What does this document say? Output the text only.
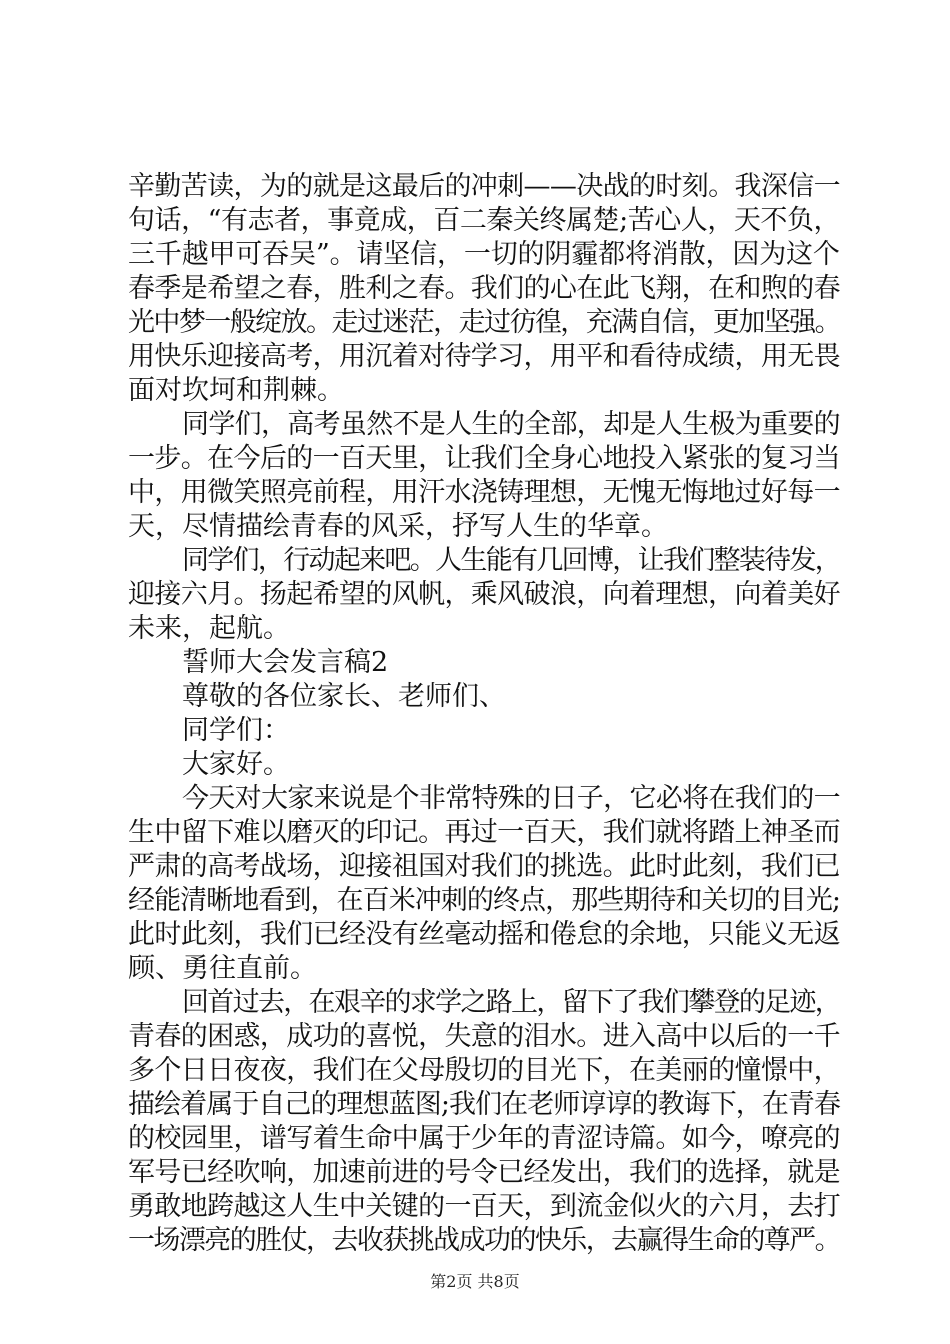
辛勤苦读，为的就是这最后的冲刺——决战的时刻。我深信一
句话，“有志者，事竟成，百二秦关终属楚;苦心人，天不负，
三千越甲可吞吴”。请坚信，一切的阴霾都将消散，因为这个
春季是希望之春，胜利之春。我们的心在此飞翔，在和煦的春
光中梦一般绽放。走过迷茫，走过彷徨，充满自信，更加坚强。
用快乐迎接高考，用沉着对待学习，用平和看待成绩，用无畏
面对坎坷和荆棘。
同学们，高考虽然不是人生的全部，却是人生极为重要的
一步。在今后的一百天里，让我们全身心地投入紧张的复习当
中，用微笑照亮前程，用汗水浇铸理想，无愧无悔地过好每一
天，尽情描绘青春的风采，抒写人生的华章。
同学们，行动起来吧。人生能有几回博，让我们整装待发，
迎接六月。扬起希望的风帆，乘风破浪，向着理想，向着美好
未来，起航。
誓师大会发言稿2
尊敬的各位家长、老师们、
同学们：
大家好。
今天对大家来说是个非常特殊的日子，它必将在我们的一
生中留下难以磨灭的印记。再过一百天，我们就将踏上神圣而
严肃的高考战场，迎接祖国对我们的挑选。此时此刻，我们已
经能清晰地看到，在百米冲刺的终点，那些期待和关切的目光;
此时此刻，我们已经没有丝毫动摇和倦怠的余地，只能义无返
顾、勇往直前。
回首过去，在艰辛的求学之路上，留下了我们攀登的足迹，
青春的困惑，成功的喜悦，失意的泪水。进入高中以后的一千
多个日日夜夜，我们在父母殷切的目光下，在美丽的憧憬中，
描绘着属于自己的理想蓝图;我们在老师谆谆的教诲下，在青春
的校园里，谱写着生命中属于少年的青涩诗篇。如今，嘹亮的
军号已经吹响，加速前进的号令已经发出，我们的选择，就是
勇敢地跨越这人生中关键的一百天，到流金似火的六月，去打
一场漂亮的胜仗，去收获挑战成功的快乐，去赢得生命的尊严。
第2页 共8页
